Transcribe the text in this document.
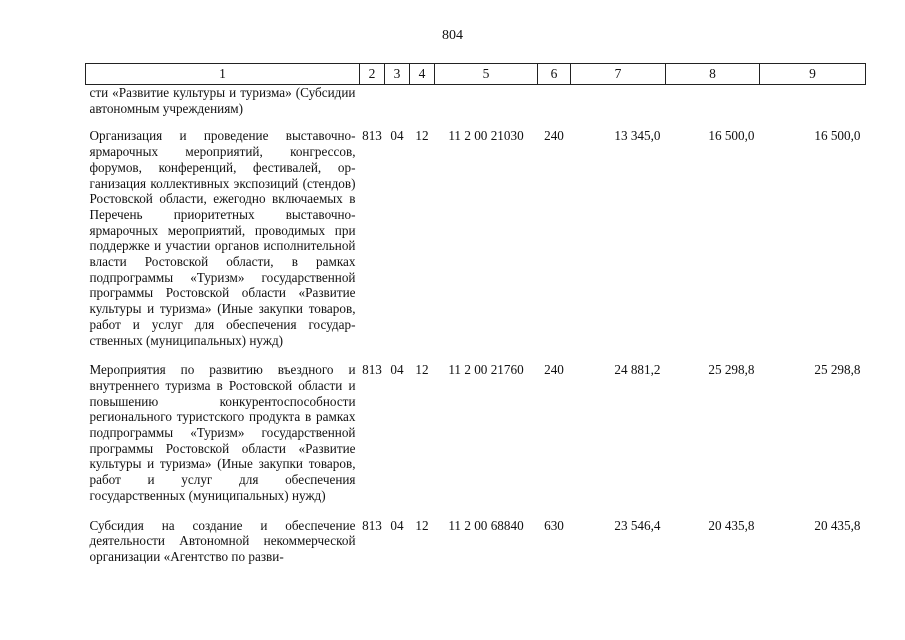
804
1	2	3	4	5	6	7	8	9
сти «Развитие культуры и туризма» (Субсидии автономным учреждениям)								
Организация и проведение выставочно-ярмарочных мероприятий, конгрессов, форумов, конференций, фестивалей, организация коллективных экспозиций (стендов) Ростовской области, ежегодно включаемых в Перечень приоритетных выставочно-ярмарочных мероприятий, проводимых при поддержке и участии органов исполнительной власти Ростовской области, в рамках подпрограммы «Туризм» государственной программы Ростовской области «Развитие культуры и туризма» (Иные закупки товаров, работ и услуг для обеспечения государственных (муниципальных) нужд)	813	04	12	11 2 00 21030	240	13 345,0	16 500,0	16 500,0
Мероприятия по развитию въездного и внутреннего туризма в Ростовской области и повышению конкурентоспособности регионального туристского продукта в рамках подпрограммы «Туризм» государственной программы Ростовской области «Развитие культуры и туризма» (Иные закупки товаров, работ и услуг для обеспечения государственных (муниципальных) нужд)	813	04	12	11 2 00 21760	240	24 881,2	25 298,8	25 298,8
Субсидия на создание и обеспечение деятельности Автономной некоммерческой организации «Агентство по разви-	813	04	12	11 2 00 68840	630	23 546,4	20 435,8	20 435,8
